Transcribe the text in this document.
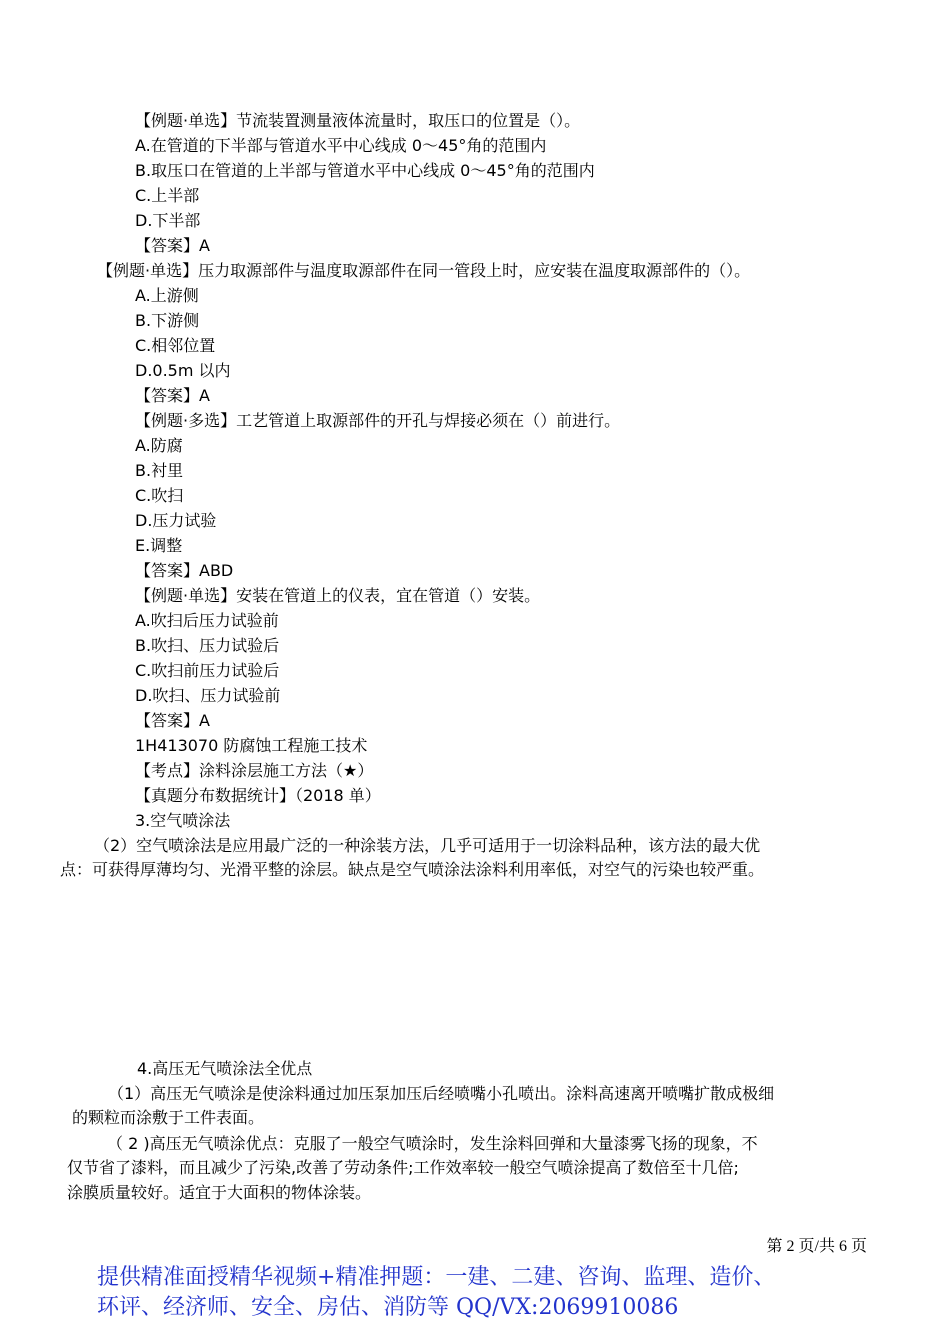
【例题·单选】节流装置测量液体流量时，取压口的位置是（）。
A.在管道的下半部与管道水平中心线成 0～45°角的范围内
B.取压口在管道的上半部与管道水平中心线成 0～45°角的范围内
C.上半部
D.下半部
【答案】A
【例题·单选】压力取源部件与温度取源部件在同一管段上时，应安装在温度取源部件的（）。
A.上游侧
B.下游侧
C.相邻位置
D.0.5m 以内
【答案】A
【例题·多选】工艺管道上取源部件的开孔与焊接必须在（）前进行。
A.防腐
B.衬里
C.吹扫
D.压力试验
E.调整
【答案】ABD
【例题·单选】安装在管道上的仪表，宜在管道（）安装。
A.吹扫后压力试验前
B.吹扫、压力试验后
C.吹扫前压力试验后
D.吹扫、压力试验前
【答案】A
1H413070 防腐蚀工程施工技术
【考点】涂料涂层施工方法（★）
【真题分布数据统计】（2018 单）
3.空气喷涂法
（2）空气喷涂法是应用最广泛的一种涂装方法，几乎可适用于一切涂料品种，该方法的最大优
点：可获得厚薄均匀、光滑平整的涂层。缺点是空气喷涂法涂料利用率低，对空气的污染也较严重。
4.高压无气喷涂法全优点
（1）高压无气喷涂是使涂料通过加压泵加压后经喷嘴小孔喷出。涂料高速离开喷嘴扩散成极细
的颗粒而涂敷于工件表面。
（ 2 )高压无气喷涂优点：克服了一般空气喷涂时，发生涂料回弹和大量漆雾飞扬的现象，不
仅节省了漆料，而且减少了污染,改善了劳动条件;工作效率较一般空气喷涂提高了数倍至十几倍;
涂膜质量较好。适宜于大面积的物体涂装。
第 2 页/共 6 页
提供精准面授精华视频+精准押题：一建、二建、咨询、监理、造价、
环评、经济师、安全、房估、消防等 QQ/VX:2069910086
